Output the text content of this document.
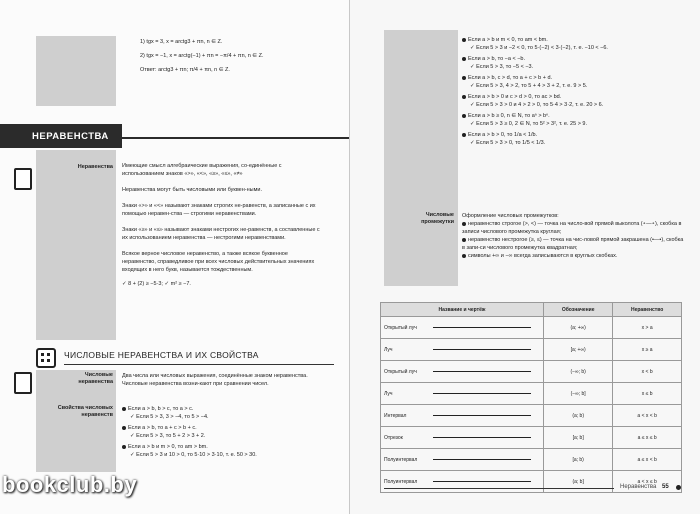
1) tgx = 3, x = arctg3 + πn, n ∈ Z.
2) tgx = −1, x = arctg(−1) + πn = −π/4 + πn, n ∈ Z.
Ответ: arctg3 + πn; π/4 + πn, n ∈ Z.
НЕРАВЕНСТВА
Неравенства Имеющие смысл алгебраические выражения, со-единённые с использованием знаков «>», «<», «≥», «≤», «≠»
Неравенства могут быть числовыми или буквен-ными.
Знаки «>» и «<» называют знаками строгих не-равенств, а записанные с их помощью неравен-ства — строгими неравенствами.
Знаки «≥» и «≤» называют знаками нестрогих не-равенств, а составленные с их использованием неравенства — нестрогими неравенствами.
Всякое верное числовое неравенство, а также всякое буквенное неравенство, справедливое при всех числовых действительных значениях входящих в него букв, называется тождественным.
✓ 8 + (2) ≥ −5·3; ✓ m² ≥ −7.
ЧИСЛОВЫЕ НЕРАВЕНСТВА И ИХ СВОЙСТВА
Числовые неравенства
Два числа или числовых выражения, соединённые знаком неравенства. Числовые неравенства возни-кают при сравнении чисел.
Свойства числовых неравенств
Если a > b, b > c, то a > c.
✓ Если 5 > 3, 3 > −4, то 5 > −4.
Если a > b, то a + c > b + c.
✓ Если 5 > 3, то 5 + 2 > 3 + 2.
Если a > b и m > 0, то am > bm.
✓ Если 5 > 3 и 10 > 0, то 5·10 > 3·10, т. е. 50 > 30.
Если a > b и m < 0, то am < bm.
✓ Если 5 > 3 и −2 < 0, то 5·(−2) < 3·(−2), т. е. −10 < −6.
Если a > b, то −a < −b.
✓ Если 5 > 3, то −5 < −3.
Если a > b, c > d, то a + c > b + d.
✓ Если 5 > 3, 4 > 2, то 5 + 4 > 3 + 2, т. е. 9 > 5.
Если a > b > 0 и c > d > 0, то ac > bd.
✓ Если 5 > 3 > 0 и 4 > 2 > 0, то 5·4 > 3·2, т. е. 20 > 6.
Если a > b ≥ 0, n ∈ N, то aⁿ > bⁿ.
✓ Если 5 > 3 ≥ 0, 2 ∈ N, то 5² > 3², т. е. 25 > 9.
Если a > b > 0, то 1/a < 1/b.
✓ Если 5 > 3 > 0, то 1/5 < 1/3.
Числовые промежутки
Оформление числовых промежутков:
неравенство строгое (>, <) — точка на число-вой прямой выколота (∘—∘), скобка в записи числового промежутка круглая;
неравенство нестрогое (≥, ≤) — точка на чис-ловой прямой закрашена (•—•), скобка в запи-си числового промежутка квадратная;
символы +∞ и −∞ всегда записываются в круглых скобках.
Название и чертёж	Обозначение	Неравенство
Открытый луч	(a; +∞)	x > a
Луч	[a; +∞)	x ≥ a
Открытый луч	(−∞; b)	x < b
Луч	(−∞; b]	x ≤ b
Интервал	(a; b)	a < x < b
Отрезок	[a; b]	a ≤ x ≤ b
Полуинтервал	[a; b)	a ≤ x < b
Полуинтервал	(a; b]	a < x ≤ b
Неравенства 55
bookclub.by
